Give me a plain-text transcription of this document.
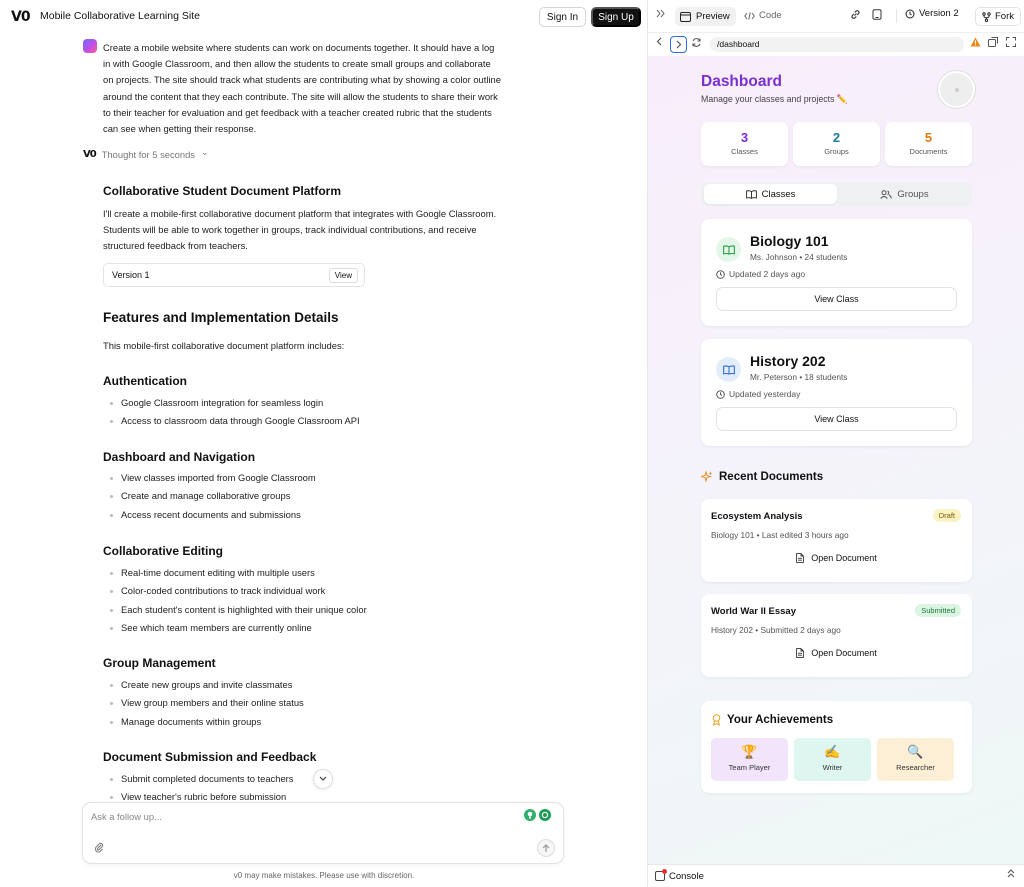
V0 Mobile Collaborative Learning Site	Sign In	Sign Up
Create a mobile website where students can work on documents together. It should have a log in with Google Classroom, and then allow the students to create small groups and collaborate on projects. The site should track what students are contributing what by showing a color outline around the content that they each contribute. The site will allow the students to share their work to their teacher for evaluation and get feedback with a teacher created rubric that the students can see when getting their response.
V0 Thought for 5 seconds ⌄
Collaborative Student Document Platform
I'll create a mobile-first collaborative document platform that integrates with Google Classroom. Students will be able to work together in groups, track individual contributions, and receive structured feedback from teachers.
Version 1	View
Features and Implementation Details
This mobile-first collaborative document platform includes:
Authentication
Google Classroom integration for seamless login
Access to classroom data through Google Classroom API
Dashboard and Navigation
View classes imported from Google Classroom
Create and manage collaborative groups
Access recent documents and submissions
Collaborative Editing
Real-time document editing with multiple users
Color-coded contributions to track individual work
Each student's content is highlighted with their unique color
See which team members are currently online
Group Management
Create new groups and invite classmates
View group members and their online status
Manage documents within groups
Document Submission and Feedback
Submit completed documents to teachers
View teacher's rubric before submission
Ask a follow up...
v0 may make mistakes. Please use with discretion.
Preview	Code	Version 2	Fork
/dashboard
Dashboard
Manage your classes and projects ✏️
3
Classes
2
Groups
5
Documents
Classes	Groups
Biology 101
Ms. Johnson • 24 students
Updated 2 days ago
View Class
History 202
Mr. Peterson • 18 students
Updated yesterday
View Class
Recent Documents
Ecosystem Analysis
Biology 101 • Last edited 3 hours ago
Draft
Open Document
World War II Essay
History 202 • Submitted 2 days ago
Submitted
Open Document
Your Achievements
🏆
Team Player
✍️
Writer
🔍
Researcher
Console
